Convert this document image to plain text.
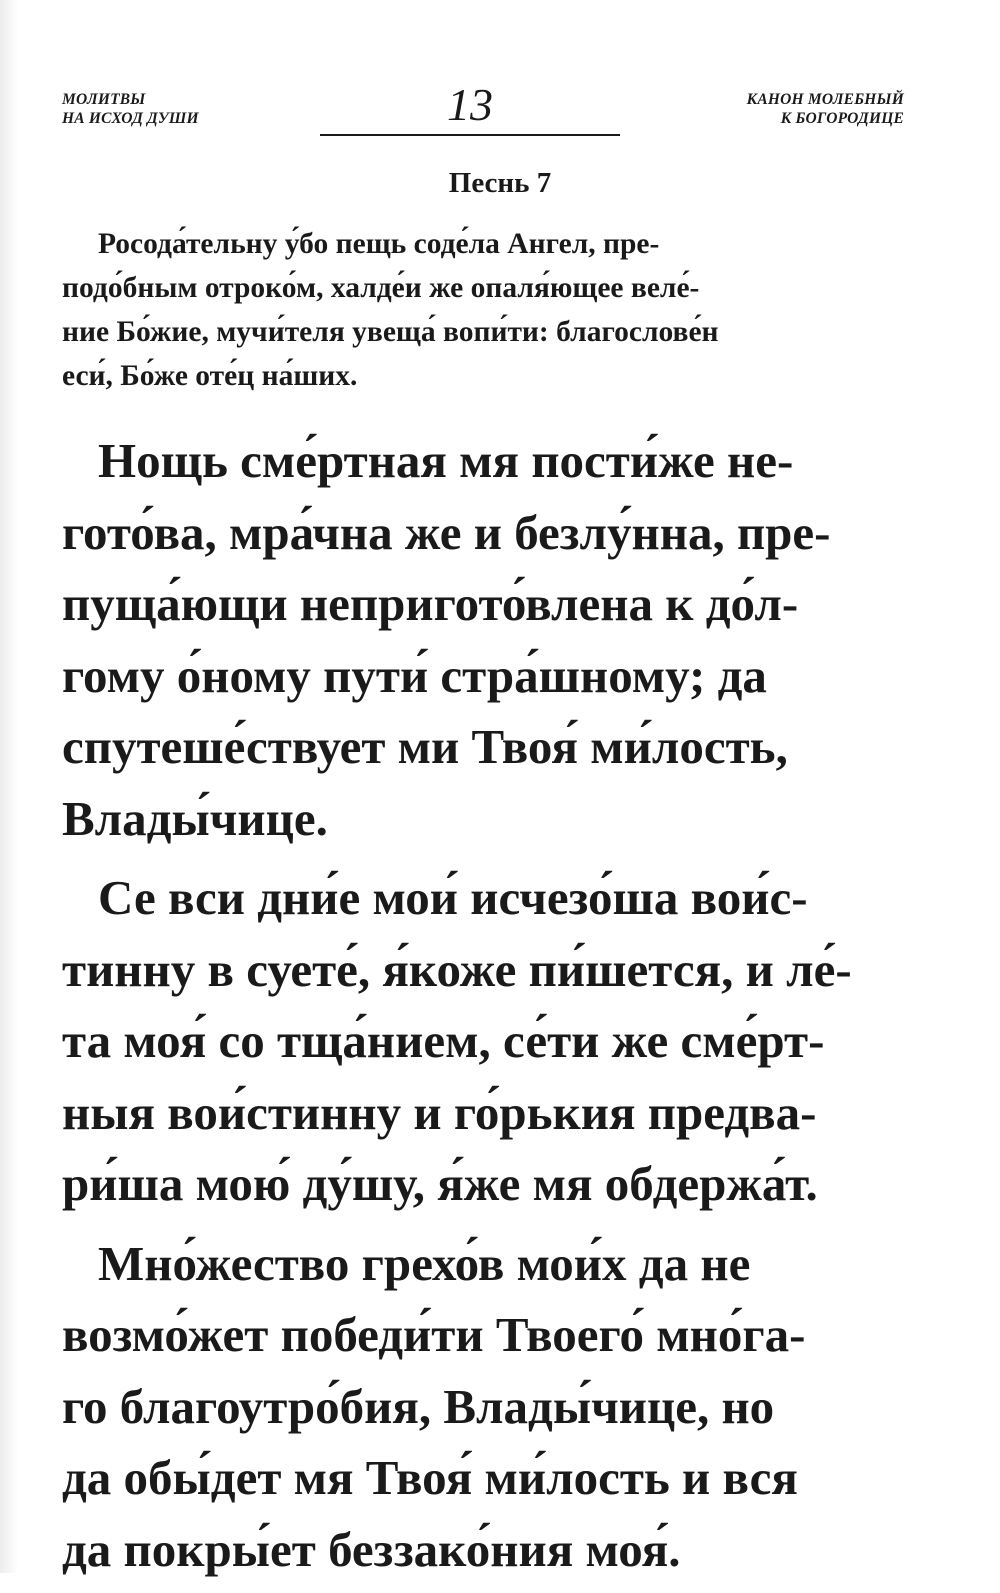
МОЛИТВЫ
НА ИСХОД ДУШИ	13	КАНОН МОЛЕБНЫЙ
К БОГОРОДИЦЕ
Песнь 7

Росода́тельну у́бо пещь соде́ла Ангел, пре-
подо́бным отроко́м, халде́и же опаля́ющее веле́-
ние Бо́жие, мучи́теля увеща́ вопи́ти: благослове́н
еси́, Бо́же оте́ц на́ших.

Нощь сме́ртная мя пости́же не-
гото́ва, мра́чна же и безлу́нна, пре-
пуща́ющи непригото́влена к до́л-
гому о́ному пути́ стра́шному; да
спутеше́ствует ми Твоя́ ми́лость,
Влады́чице.

Се вси дни́е мои́ исчезо́ша вои́с-
тинну в суете́, я́коже пи́шется, и ле́-
та моя́ со тща́нием, се́ти же сме́рт-
ныя вои́стинну и го́рькия предва-
ри́ша мою́ ду́шу, я́же мя обдержа́т.

Мно́жество грехо́в мои́х да не
возмо́жет победи́ти Твоего́ мно́га-
го благоутро́бия, Влады́чице, но
да обы́дет мя Твоя́ ми́лость и вся
да покры́ет беззако́ния моя́.
